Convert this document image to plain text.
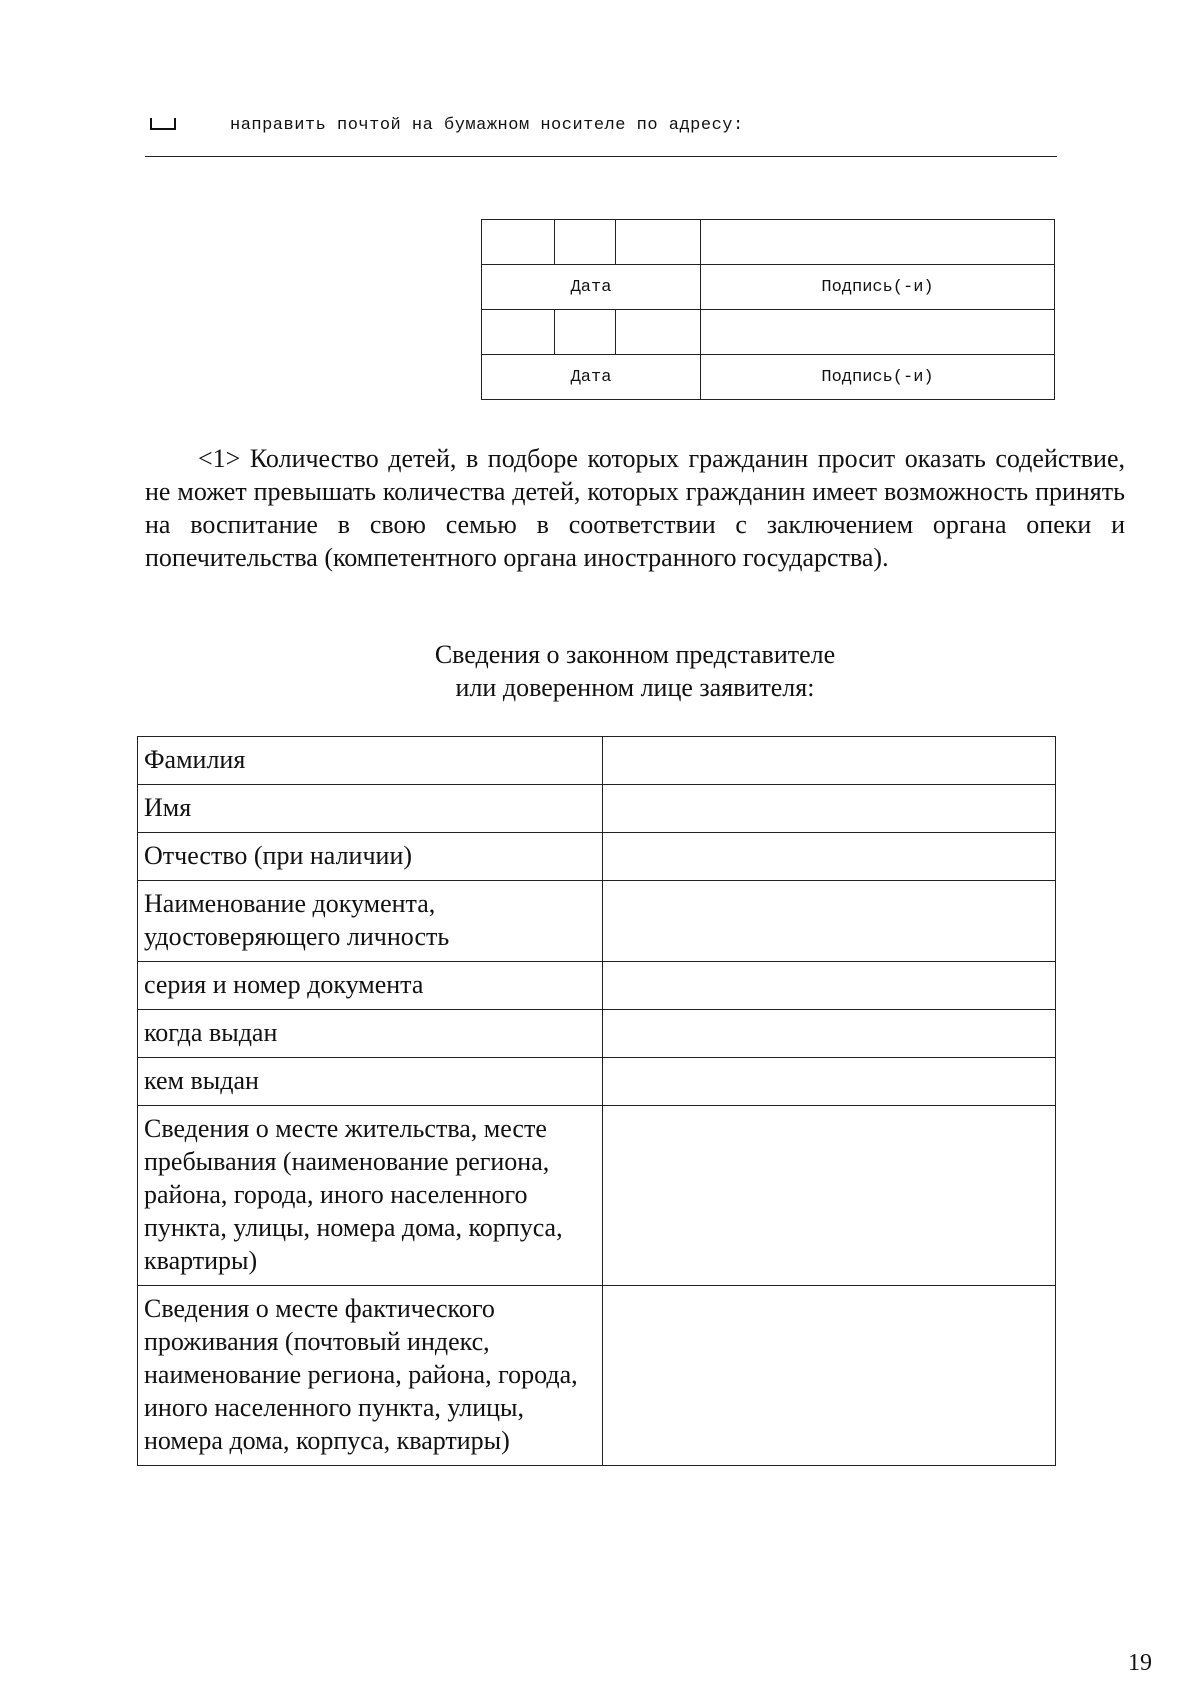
направить почтой на бумажном носителе по адресу:

Дата	Подпись(-и)

Дата	Подпись(-и)

<1> Количество детей, в подборе которых гражданин просит оказать содействие, не может превышать количества детей, которых гражданин имеет возможность принять на воспитание в свою семью в соответствии с заключением органа опеки и попечительства (компетентного органа иностранного государства).

Сведения о законном представителе
или доверенном лице заявителя:
Фамилия	
Имя	
Отчество (при наличии)	
Наименование документа, удостоверяющего личность	
серия и номер документа	
когда выдан	
кем выдан	
Сведения о месте жительства, месте пребывания (наименование региона, района, города, иного населенного пункта, улицы, номера дома, корпуса, квартиры)	
Сведения о месте фактического проживания (почтовый индекс, наименование региона, района, города, иного населенного пункта, улицы, номера дома, корпуса, квартиры)	
19
